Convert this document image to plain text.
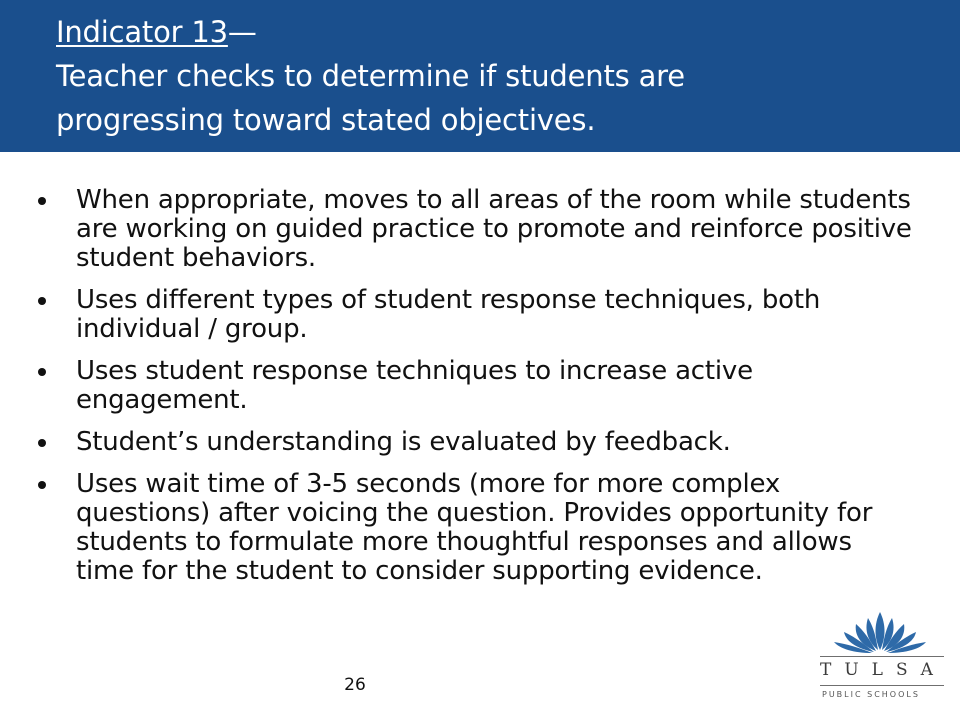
Indicator 13—
Teacher checks to determine if students are
progressing toward stated objectives.
When appropriate, moves to all areas of the room while students are working on guided practice to promote and reinforce positive student behaviors.
Uses different types of student response techniques, both individual / group.
Uses student response techniques to increase active engagement.
Student’s understanding is evaluated by feedback.
Uses wait time of 3-5 seconds (more for more complex questions) after voicing the question. Provides opportunity for students to formulate more thoughtful responses and allows time for the student to consider supporting evidence.
26
TULSA
PUBLIC SCHOOLS
